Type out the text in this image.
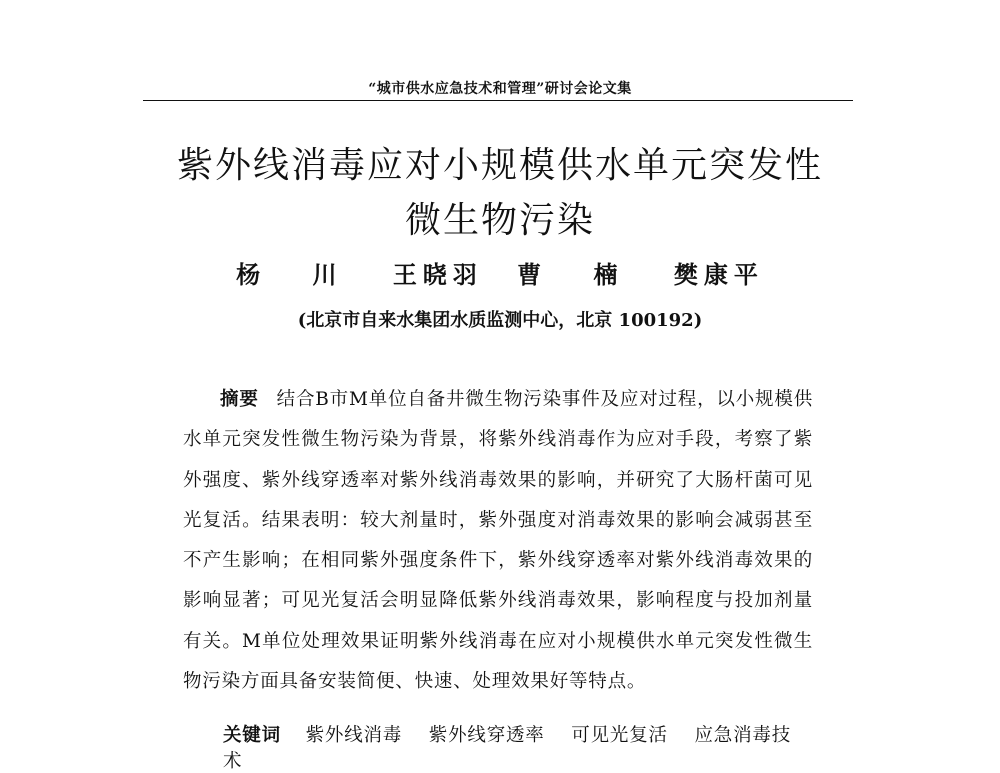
“城市供水应急技术和管理”研讨会论文集
紫外线消毒应对小规模供水单元突发性
微生物污染
杨 川 王晓羽 曹 楠 樊康平
(北京市自来水集团水质监测中心，北京 100192)
摘要 结合B市M单位自备井微生物污染事件及应对过程，以小规模供水单元突发性微生物污染为背景，将紫外线消毒作为应对手段，考察了紫外强度、紫外线穿透率对紫外线消毒效果的影响，并研究了大肠杆菌可见光复活。结果表明：较大剂量时，紫外强度对消毒效果的影响会减弱甚至不产生影响；在相同紫外强度条件下，紫外线穿透率对紫外线消毒效果的影响显著；可见光复活会明显降低紫外线消毒效果，影响程度与投加剂量有关。M单位处理效果证明紫外线消毒在应对小规模供水单元突发性微生物污染方面具备安装简便、快速、处理效果好等特点。
关键词 紫外线消毒 紫外线穿透率 可见光复活 应急消毒技术
